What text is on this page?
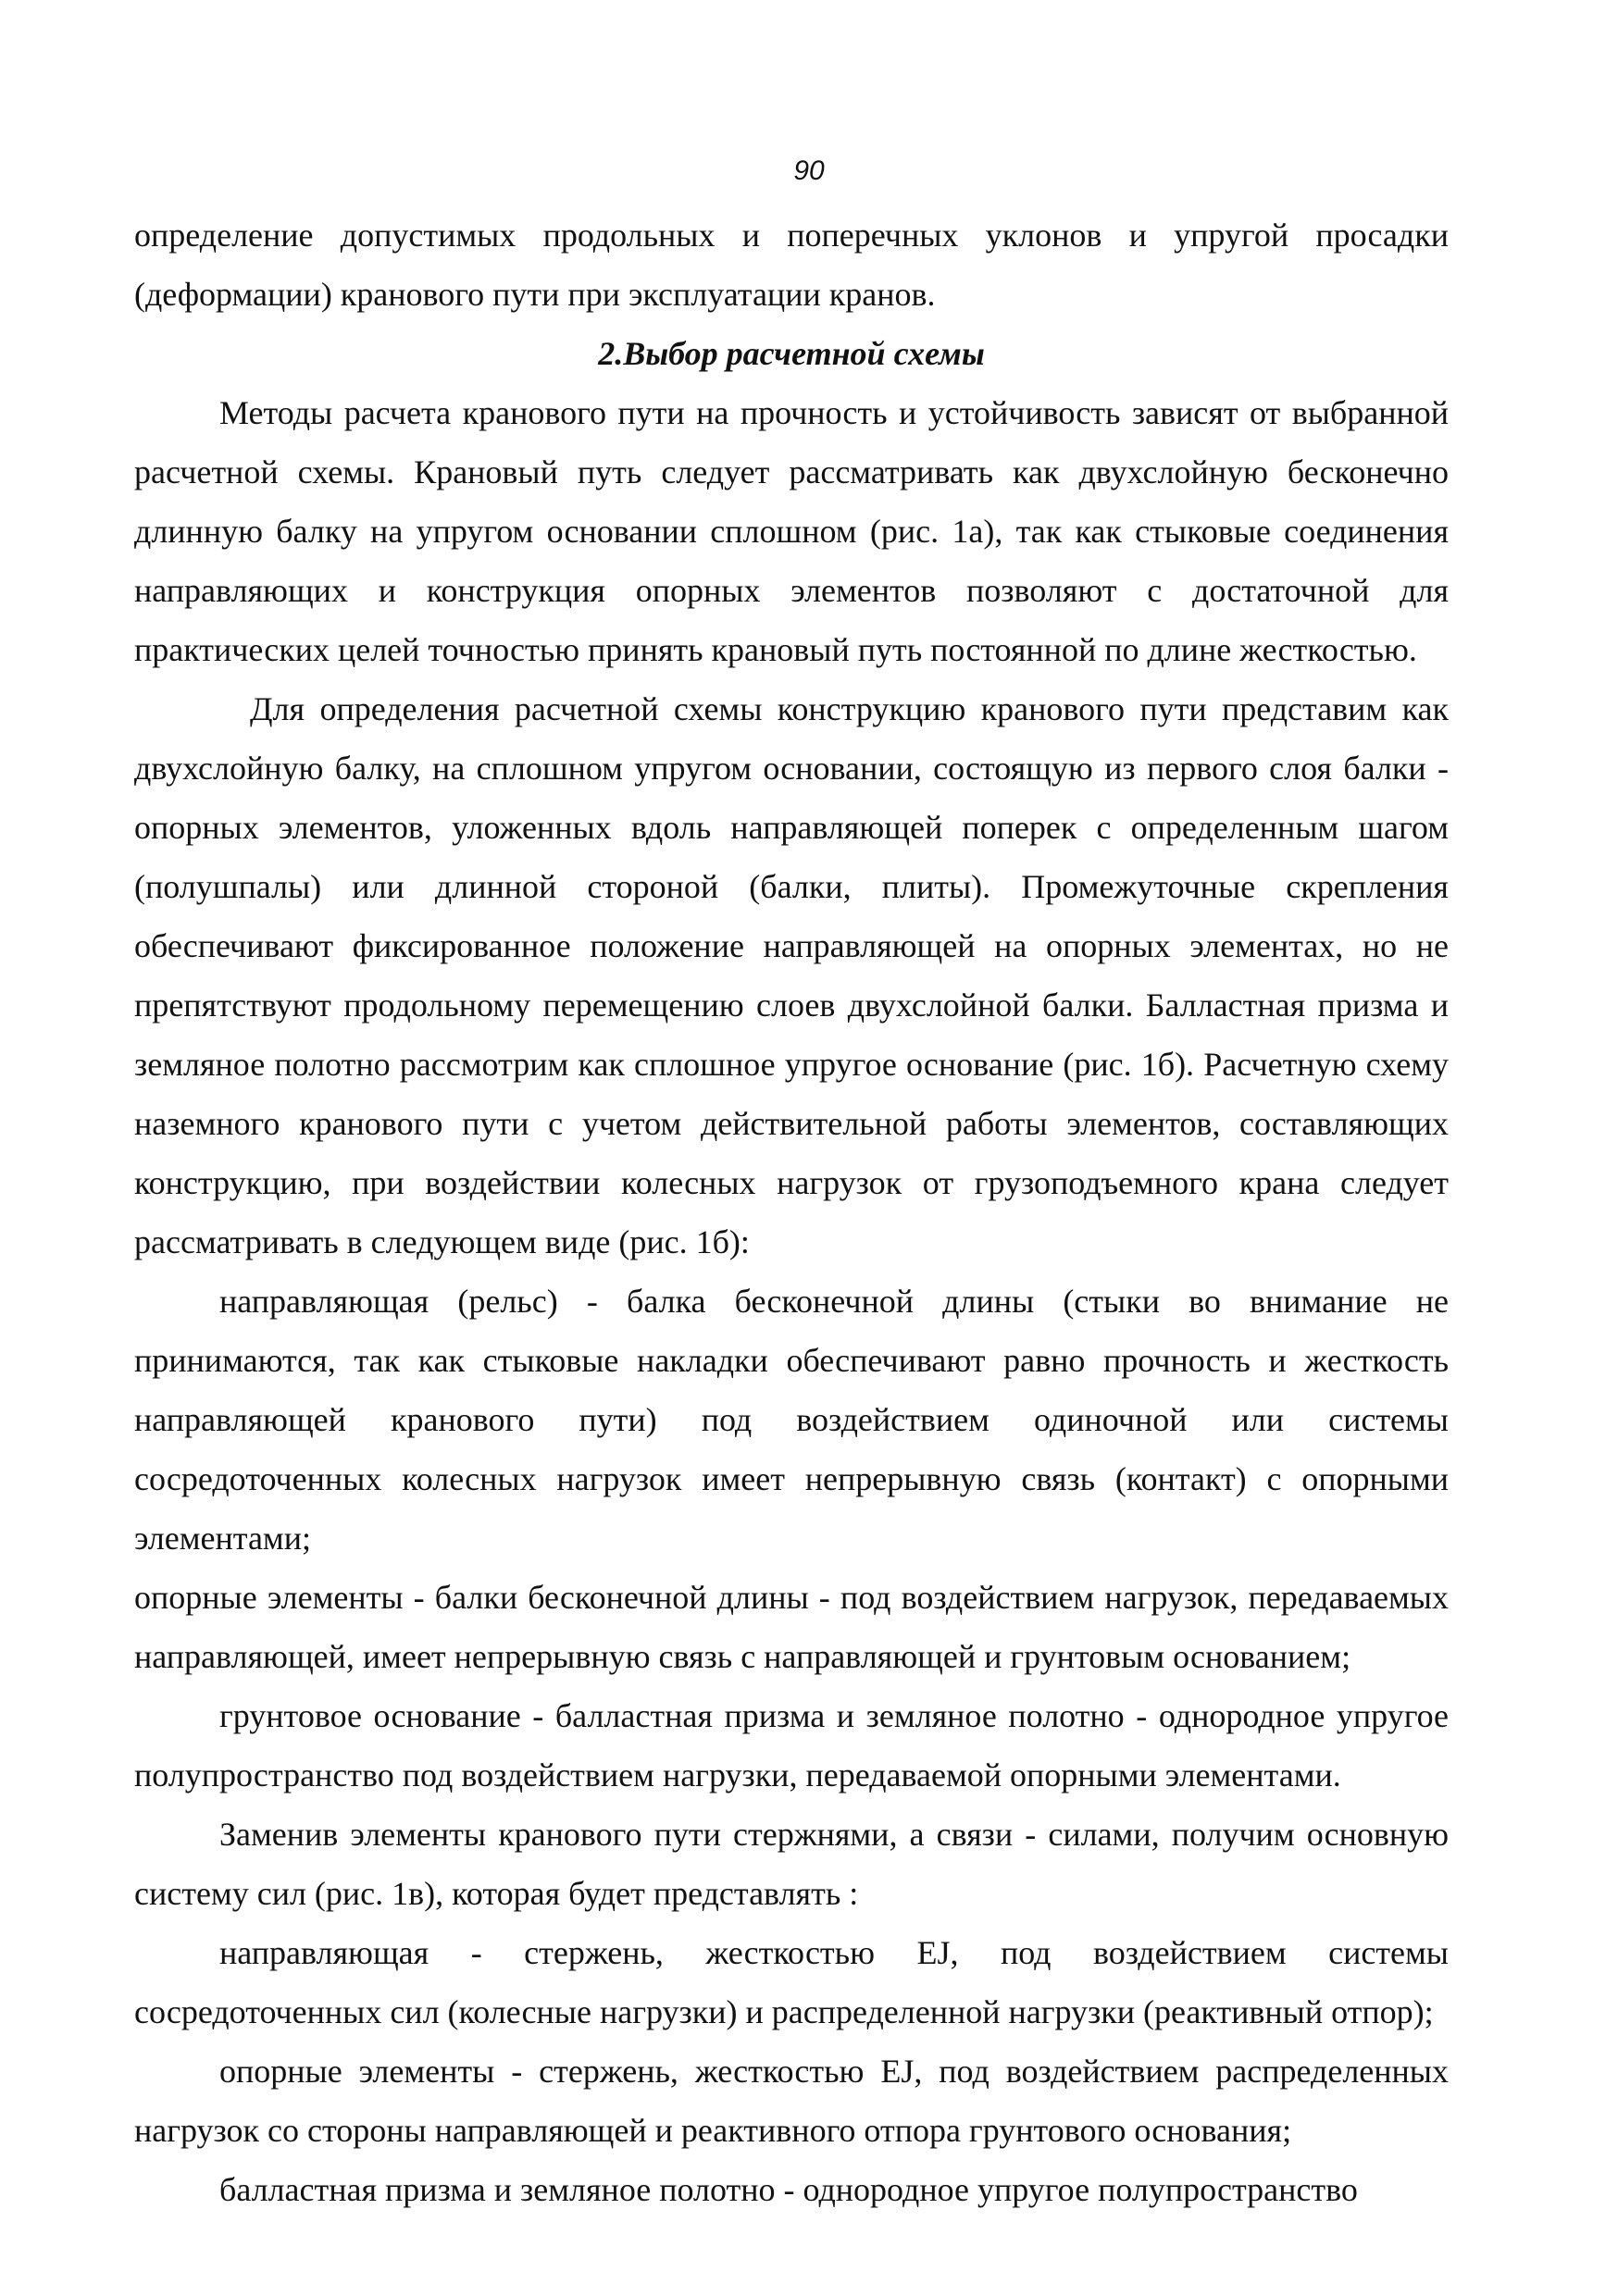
90

определение допустимых продольных и поперечных уклонов и упругой просадки (деформации) кранового пути при эксплуатации кранов.

2.Выбор расчетной схемы

Методы расчета кранового пути на прочность и устойчивость зависят от выбранной расчетной схемы. Крановый путь следует рассматривать как двухслойную бесконечно длинную балку на упругом основании сплошном (рис. 1а), так как стыковые соединения направляющих и конструкция опорных элементов позволяют с достаточной для практических целей точностью принять крановый путь постоянной по длине жесткостью.

Для определения расчетной схемы конструкцию кранового пути представим как двухслойную балку, на сплошном упругом основании, состоящую из первого слоя балки - опорных элементов, уложенных вдоль направляющей поперек с определенным шагом (полушпалы) или длинной стороной (балки, плиты). Промежуточные скрепления обеспечивают фиксированное положение направляющей на опорных элементах, но не препятствуют продольному перемещению слоев двухслойной балки. Балластная призма и земляное полотно рассмотрим как сплошное упругое основание (рис. 1б). Расчетную схему наземного кранового пути с учетом действительной работы элементов, составляющих конструкцию, при воздействии колесных нагрузок от грузоподъемного крана следует рассматривать в следующем виде (рис. 1б):

направляющая (рельс) - балка бесконечной длины (стыки во внимание не принимаются, так как стыковые накладки обеспечивают равно прочность и жесткость направляющей кранового пути) под воздействием одиночной или системы сосредоточенных колесных нагрузок имеет непрерывную связь (контакт) с опорными элементами;

опорные элементы - балки бесконечной длины - под воздействием нагрузок, передаваемых направляющей, имеет непрерывную связь с направляющей и грунтовым основанием;

грунтовое основание - балластная призма и земляное полотно - однородное упругое полупространство под воздействием нагрузки, передаваемой опорными элементами.

Заменив элементы кранового пути стержнями, а связи - силами, получим основную систему сил (рис. 1в), которая будет представлять :

направляющая - стержень, жесткостью EJ, под воздействием системы сосредоточенных сил (колесные нагрузки) и распределенной нагрузки (реактивный отпор);

опорные элементы - стержень, жесткостью EJ, под воздействием распределенных нагрузок со стороны направляющей и реактивного отпора грунтового основания;

балластная призма и земляное полотно - однородное упругое полупространство
